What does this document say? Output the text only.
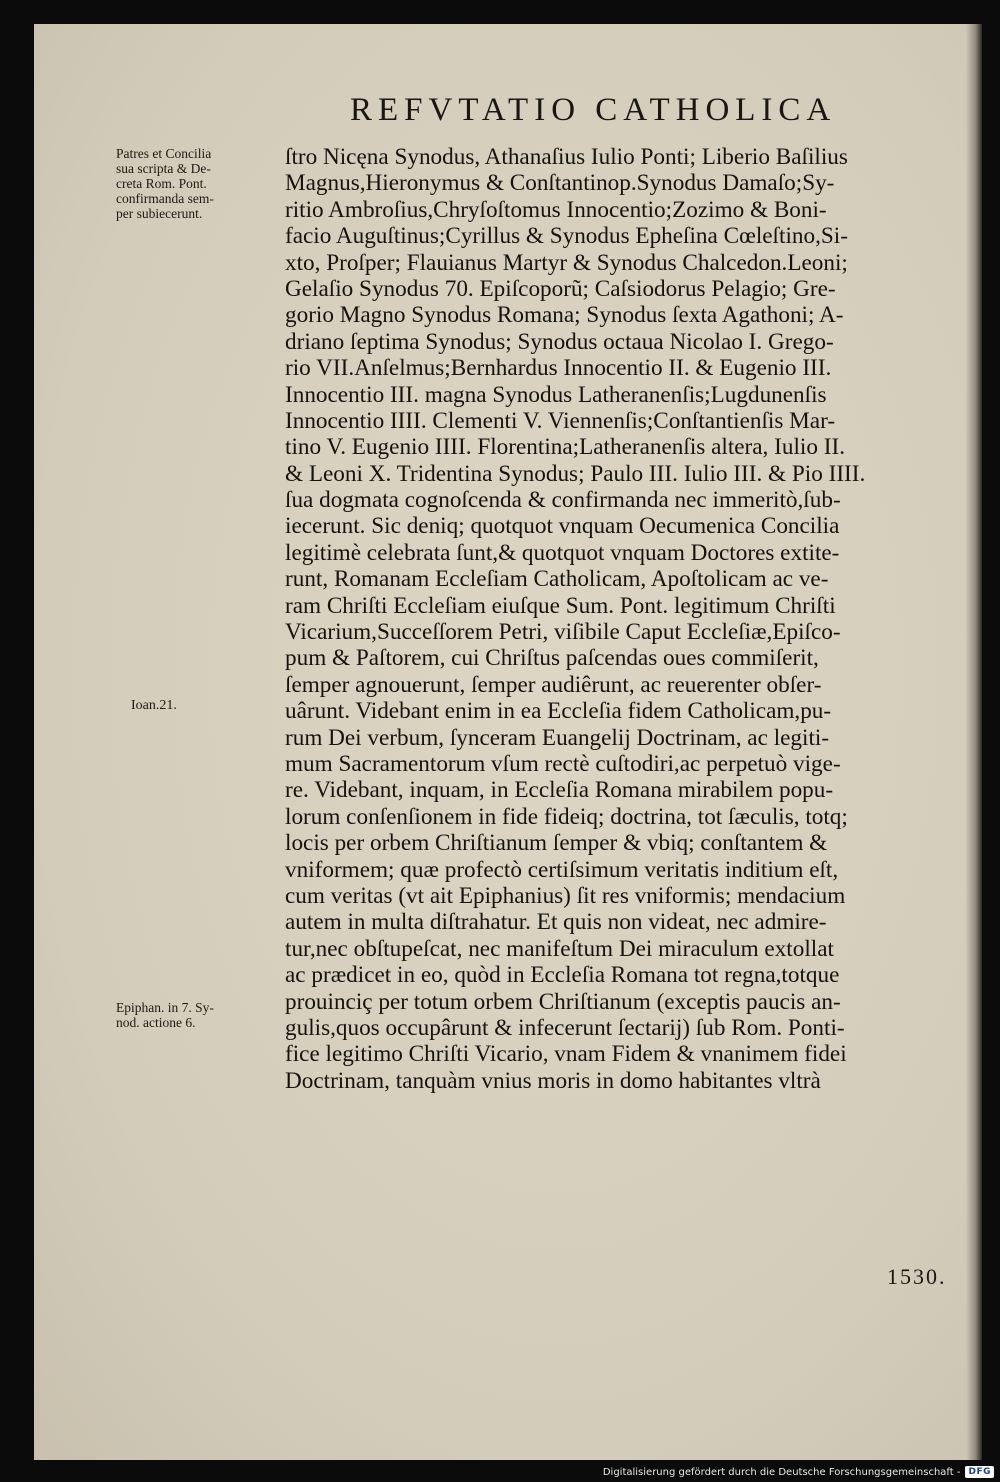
REFVTATIO CATHOLICA
Patres et Concilia
sua scripta & De-
creta Rom. Pont.
confirmanda sem-
per subiecerunt.
Ioan.21.
Epiphan. in 7. Sy-
nod. actione 6.
ſtro Nicęna Synodus, Athanaſius Iulio Ponti; Liberio Baſilius
Magnus,Hieronymus & Conſtantinop.Synodus Damaſo;Sy-
ritio Ambroſius,Chryſoſtomus Innocentio;Zozimo & Boni-
facio Auguſtinus;Cyrillus & Synodus Epheſina Cœleſtino,Si-
xto, Proſper; Flauianus Martyr & Synodus Chalcedon.Leoni;
Gelaſio Synodus 70. Epiſcoporũ; Caſsiodorus Pelagio; Gre-
gorio Magno Synodus Romana; Synodus ſexta Agathoni; A-
driano ſeptima Synodus; Synodus octaua Nicolao I. Grego-
rio VII.Anſelmus;Bernhardus Innocentio II. & Eugenio III.
Innocentio III. magna Synodus Latheranenſis;Lugdunenſis
Innocentio IIII. Clementi V. Viennenſis;Conſtantienſis Mar-
tino V. Eugenio IIII. Florentina;Latheranenſis altera, Iulio II.
& Leoni X. Tridentina Synodus; Paulo III. Iulio III. & Pio IIII.
ſua dogmata cognoſcenda & confirmanda nec immeritò,ſub-
iecerunt. Sic deniq; quotquot vnquam Oecumenica Concilia
legitimè celebrata ſunt,& quotquot vnquam Doctores extite-
runt, Romanam Eccleſiam Catholicam, Apoſtolicam ac ve-
ram Chriſti Eccleſiam eiuſque Sum. Pont. legitimum Chriſti
Vicarium,Succeſſorem Petri, viſibile Caput Eccleſiæ,Epiſco-
pum & Paſtorem, cui Chriſtus paſcendas oues commiſerit,
ſemper agnouerunt, ſemper audiêrunt, ac reuerenter obſer-
uârunt. Videbant enim in ea Eccleſia fidem Catholicam,pu-
rum Dei verbum, ſynceram Euangelij Doctrinam, ac legiti-
mum Sacramentorum vſum rectè cuſtodiri,ac perpetuò vige-
re. Videbant, inquam, in Eccleſia Romana mirabilem popu-
lorum conſenſionem in fide fideiq; doctrina, tot ſæculis, totq;
locis per orbem Chriſtianum ſemper & vbiq; conſtantem &
vniformem; quæ profectò certiſsimum veritatis inditium eſt,
cum veritas (vt ait Epiphanius) ſit res vniformis; mendacium
autem in multa diſtrahatur. Et quis non videat, nec admire-
tur,nec obſtupeſcat, nec manifeſtum Dei miraculum extollat
ac prædicet in eo, quòd in Eccleſia Romana tot regna,totque
prouinciç per totum orbem Chriſtianum (exceptis paucis an-
gulis,quos occupârunt & infecerunt ſectarij) ſub Rom. Ponti-
fice legitimo Chriſti Vicario, vnam Fidem & vnanimem fidei
Doctrinam, tanquàm vnius moris in domo habitantes vltrà
1530.
Digitalisierung gefördert durch die Deutsche Forschungsgemeinschaft - DFG
